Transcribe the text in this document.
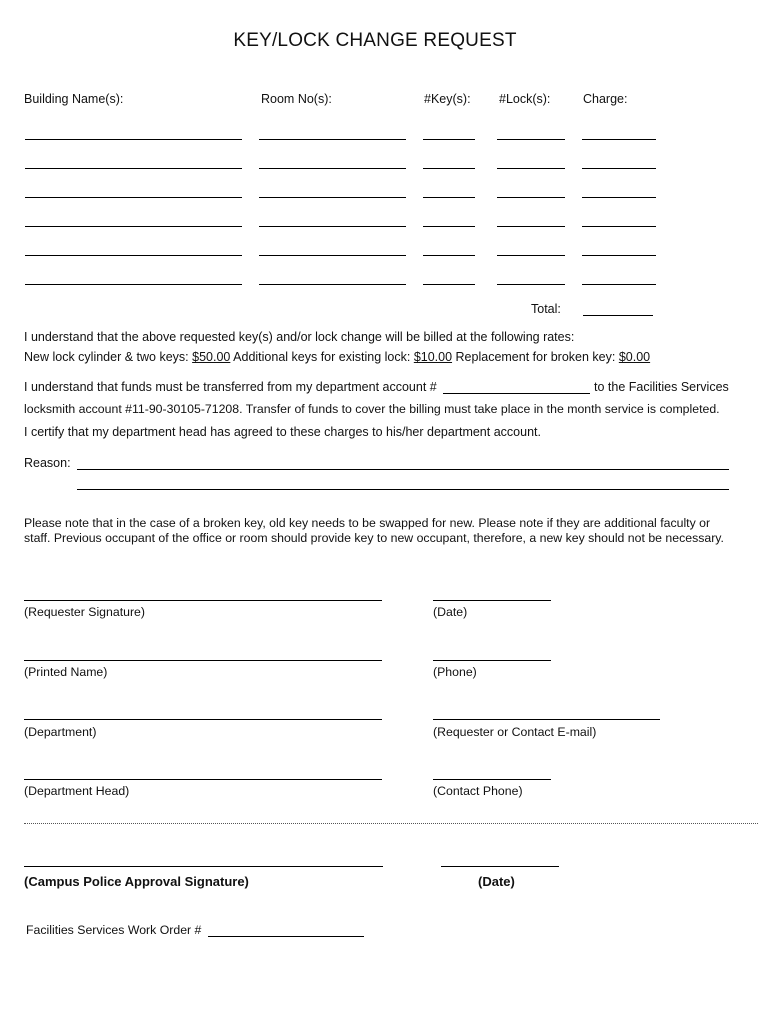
KEY/LOCK CHANGE REQUEST
Building Name(s):	Room No(s):	#Key(s): #Lock(s):	Charge:
Total:
I understand that the above requested key(s) and/or lock change will be billed at the following rates:
New lock cylinder & two keys: $50.00 Additional keys for existing lock: $10.00 Replacement for broken key: $0.00
I understand that funds must be transferred from my department account #	to the Facilities Services
locksmith account #11-90-30105-71208. Transfer of funds to cover the billing must take place in the month service is completed.
I certify that my department head has agreed to these charges to his/her department account.
Reason:
Please note that in the case of a broken key, old key needs to be swapped for new. Please note if they are additional faculty or staff. Previous occupant of the office or room should provide key to new occupant, therefore, a new key should not be necessary.
(Requester Signature)	(Date)
(Printed Name)	(Phone)
(Department)	(Requester or Contact E-mail)
(Department Head)	(Contact Phone)
(Campus Police Approval Signature)	(Date)
Facilities Services Work Order #
